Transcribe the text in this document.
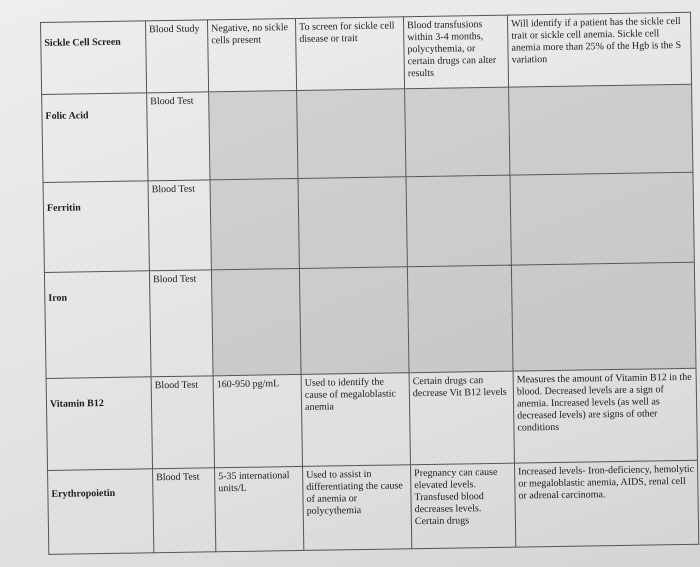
Sickle Cell Screen	Blood Study	Negative, no sickle cells present	To screen for sickle cell disease or trait	Blood transfusions within 3-4 months, polycythemia, or certain drugs can alter results	Will identify if a patient has the sickle cell trait or sickle cell anemia. Sickle cell anemia more than 25% of the Hgb is the S variation
Folic Acid	Blood Test				
Ferritin	Blood Test				
Iron	Blood Test				
Vitamin B12	Blood Test	160-950 pg/mL	Used to identify the cause of megaloblastic anemia	Certain drugs can decrease Vit B12 levels	Measures the amount of Vitamin B12 in the blood. Decreased levels are a sign of anemia. Increased levels (as well as decreased levels) are signs of other conditions
Erythropoietin	Blood Test	5-35 international units/L	Used to assist in differentiating the cause of anemia or polycythemia	Pregnancy can cause elevated levels. Transfused blood decreases levels. Certain drugs	Increased levels- Iron-deficiency, hemolytic or megaloblastic anemia, AIDS, renal cell or adrenal carcinoma.
